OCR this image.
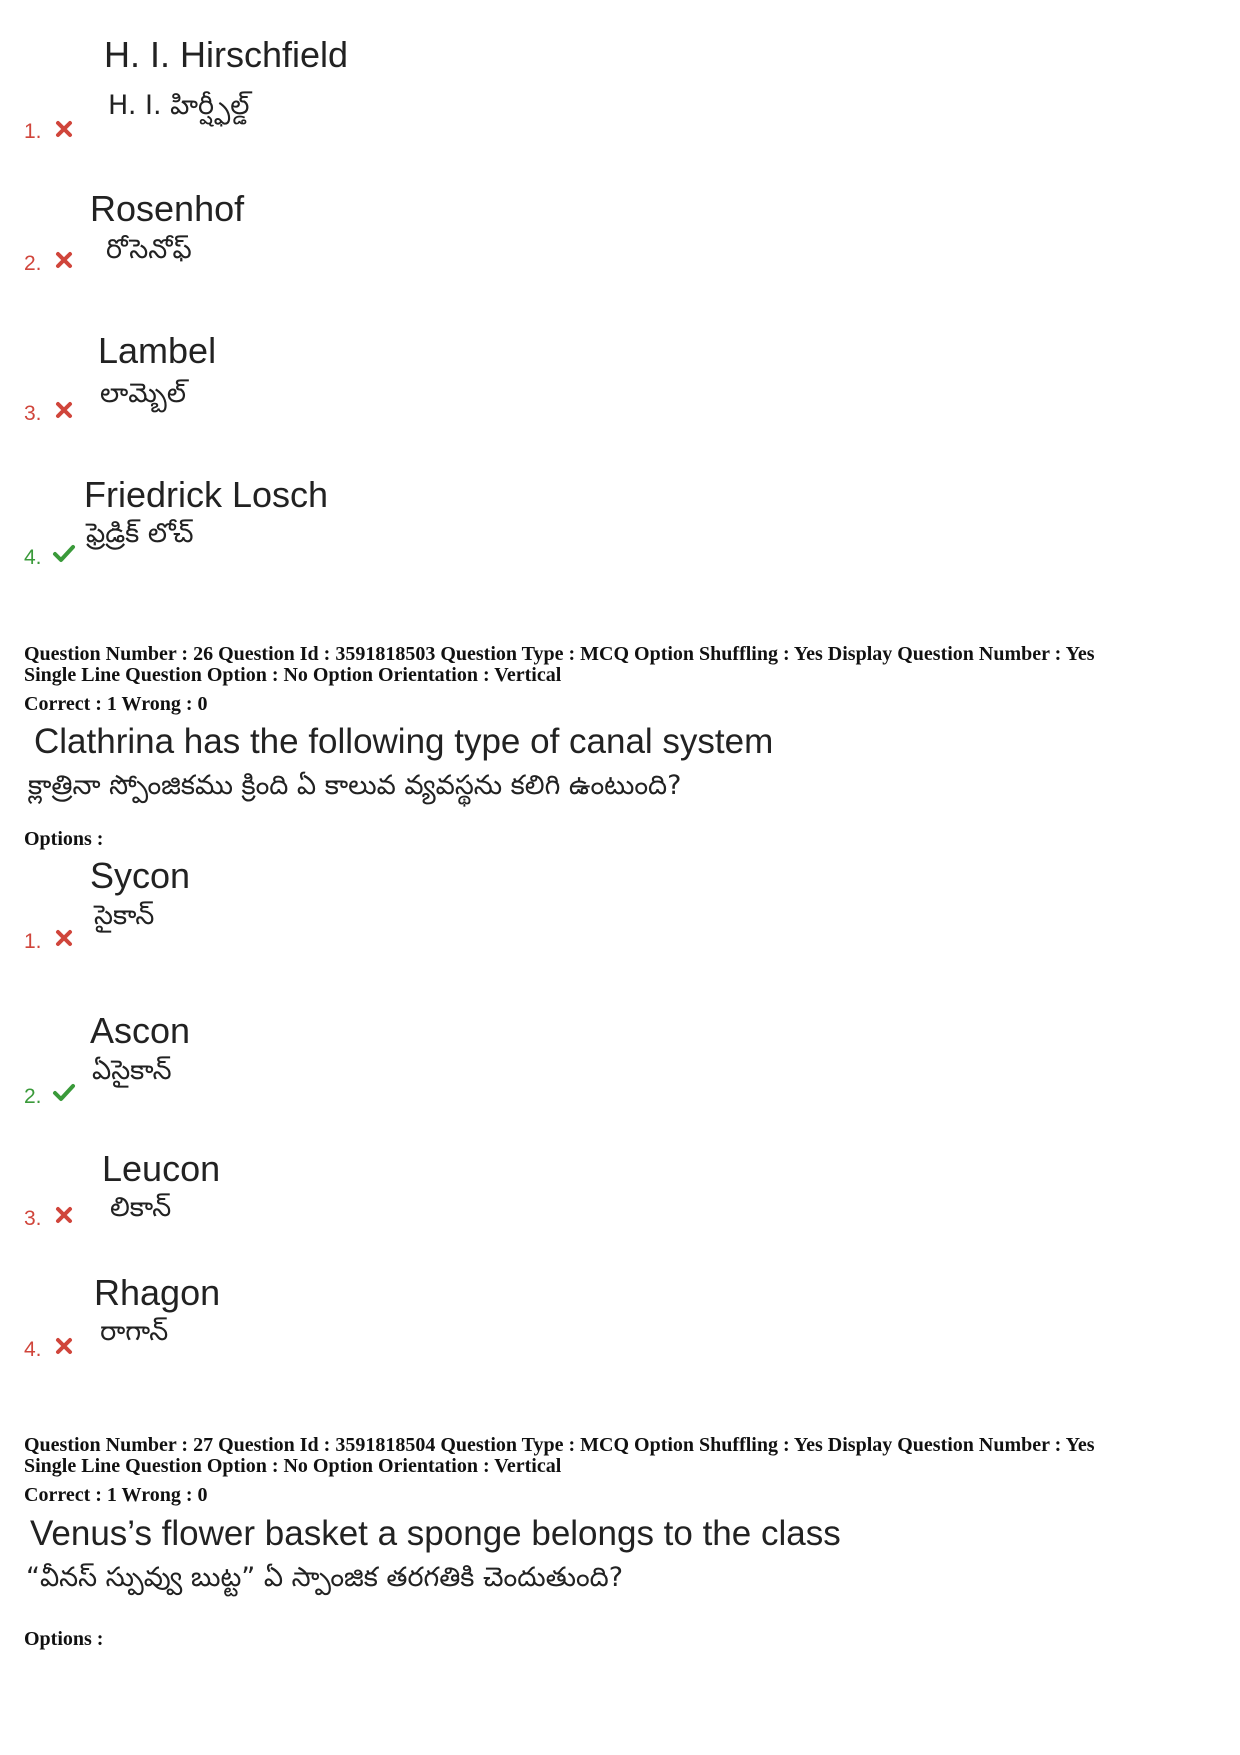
H. I. Hirschfield
H. I. హిర్ష్ఫీల్డ్
1.
Rosenhof
రోసెనోఫ్
2.
Lambel
లామ్బెల్
3.
Friedrick Losch
ఫ్రెడ్రిక్ లోచ్
4.
Question Number : 26 Question Id : 3591818503 Question Type : MCQ Option Shuffling : Yes Display Question Number : Yes
Single Line Question Option : No Option Orientation : Vertical
Correct : 1 Wrong : 0
Clathrina has the following type of canal system
క్లాత్రినా స్పోంజికము క్రింది ఏ కాలువ వ్యవస్థను కలిగి ఉంటుంది?
Options :
Sycon
సైకాన్
1.
Ascon
ఏసైకాన్
2.
Leucon
లికాన్
3.
Rhagon
రాగాన్
4.
Question Number : 27 Question Id : 3591818504 Question Type : MCQ Option Shuffling : Yes Display Question Number : Yes
Single Line Question Option : No Option Orientation : Vertical
Correct : 1 Wrong : 0
Venus’s flower basket a sponge belongs to the class
“వీనస్ స్పువ్వు బుట్ట” ఏ స్పాంజిక తరగతికి చెందుతుంది?
Options :
